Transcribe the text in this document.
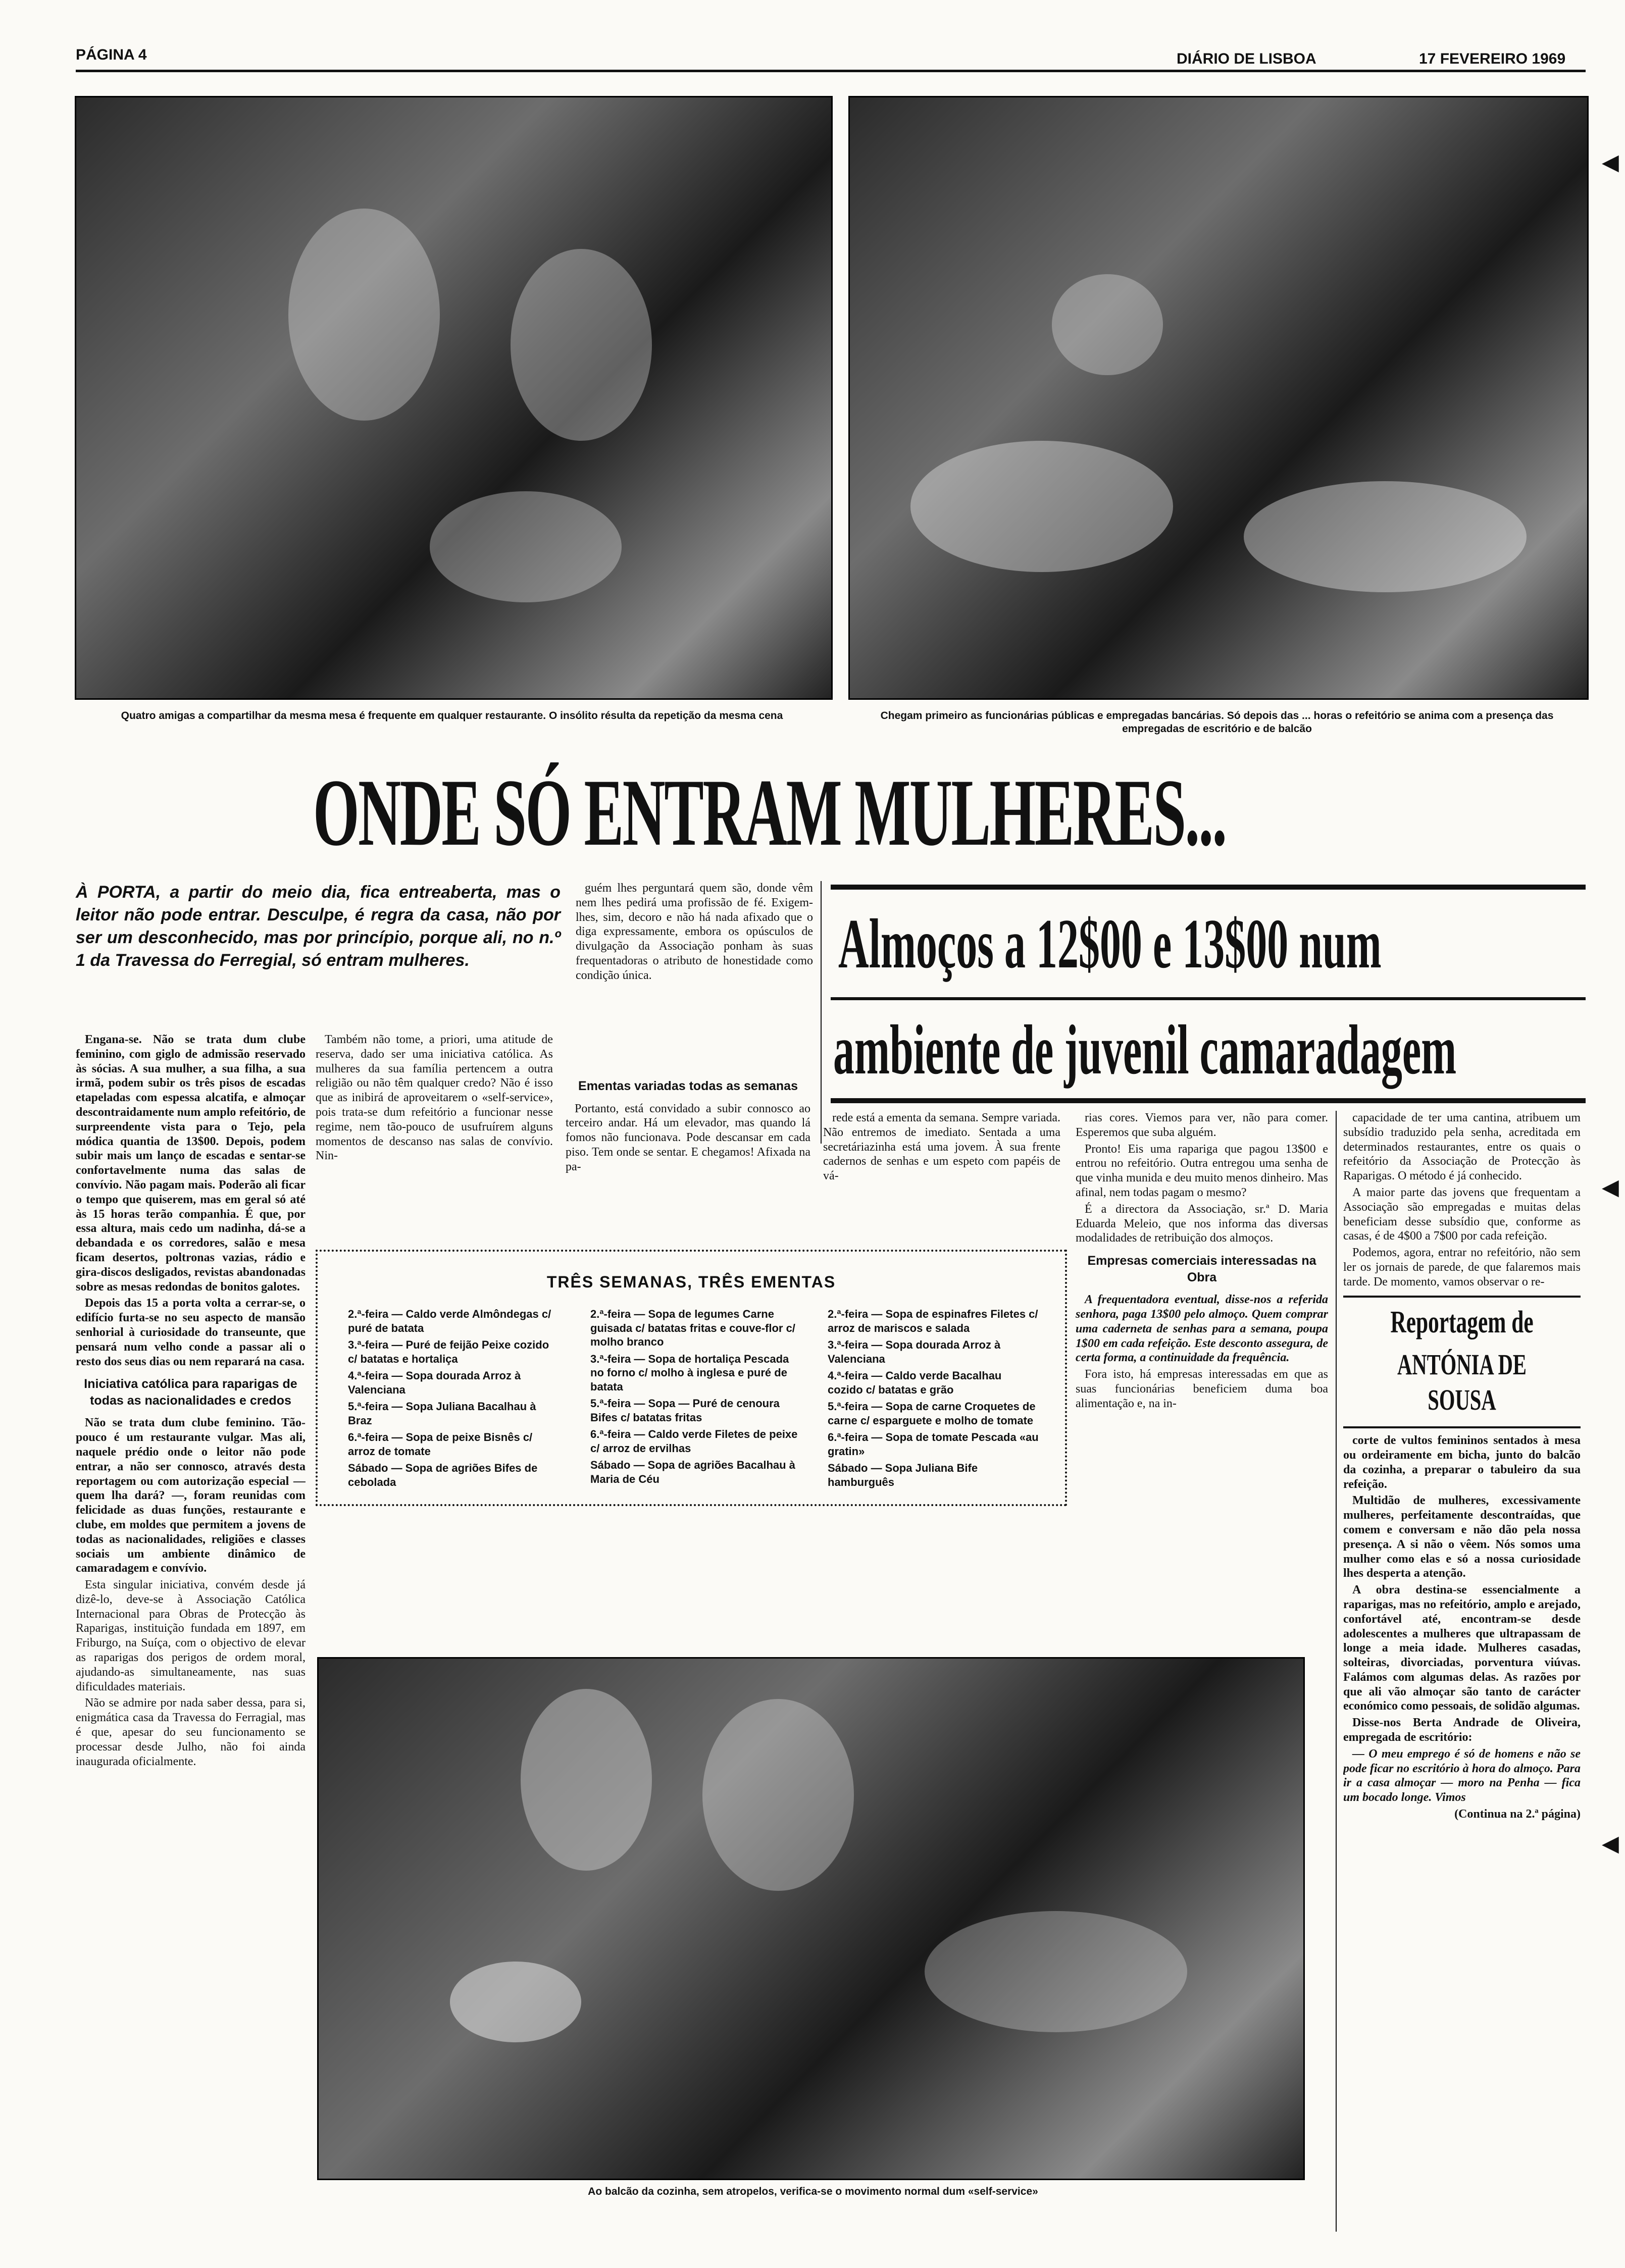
PÁGINA 4	DIÁRIO DE LISBOA	17 FEVEREIRO 1969
Quatro amigas a compartilhar da mesma mesa é frequente em qualquer restaurante. O insólito résulta da repetição da mesma cena	Chegam primeiro as funcionárias públicas e empregadas bancárias. Só depois das ... horas o refeitório se anima com a presença das empregadas de escritório e de balcão
ONDE SÓ ENTRAM MULHERES...
À PORTA, a partir do meio dia, fica entreaberta, mas o leitor não pode entrar. Desculpe, é regra da casa, não por ser um desconhecido, mas por princípio, porque ali, no n.º 1 da Travessa do Ferregial, só entram mulheres.

guém lhes perguntará quem são, donde vêm nem lhes pedirá uma profissão de fé. Exigem-lhes, sim, decoro e não há nada afixado que o diga expressamente, embora os opúsculos de divulgação da Associação ponham às suas frequentadoras o atributo de honestidade como condição única.	Almoços a 12$00 e 13$00 num
ambiente de juvenil camaradagem

Engana-se. Não se trata dum clube feminino, com giglo de admissão reservado às sócias. A sua mulher, a sua filha, a sua irmã, podem subir os três pisos de escadas etapeladas com espessa alcatifa, e almoçar descontraidamente num amplo refeitório, de surpreendente vista para o Tejo, pela módica quantia de 13$00. Depois, podem subir mais um lanço de escadas e sentar-se confortavelmente numa das salas de convívio. Não pagam mais. Poderão ali ficar o tempo que quiserem, mas em geral só até às 15 horas terão companhia. É que, por essa altura, mais cedo um nadinha, dá-se a debandada e os corredores, salão e mesa ficam desertos, poltronas vazias, rádio e gira-discos desligados, revistas abandonadas sobre as mesas redondas de bonitos galotes.

Depois das 15 a porta volta a cerrar-se, o edifício furta-se no seu aspecto de mansão senhorial à curiosidade do transeunte, que pensará num velho conde a passar ali o resto dos seus dias ou nem reparará na casa.

Iniciativa católica para raparigas de todas as nacionalidades e credos

Não se trata dum clube feminino. Tão-pouco é um restaurante vulgar. Mas ali, naquele prédio onde o leitor não pode entrar, a não ser connosco, através desta reportagem ou com autorização especial — quem lha dará? —, foram reunidas com felicidade as duas funções, restaurante e clube, em moldes que permitem a jovens de todas as nacionalidades, religiões e classes sociais um ambiente dinâmico de camaradagem e convívio.

Esta singular iniciativa, convém desde já dizê-lo, deve-se à Associação Católica Internacional para Obras de Protecção às Raparigas, instituição fundada em 1897, em Friburgo, na Suíça, com o objectivo de elevar as raparigas dos perigos de ordem moral, ajudando-as simultaneamente, nas suas dificuldades materiais.

Não se admire por nada saber dessa, para si, enigmática casa da Travessa do Ferragial, mas é que, apesar do seu funcionamento se processar desde Julho, não foi ainda inaugurada oficialmente.

Também não tome, a priori, uma atitude de reserva, dado ser uma iniciativa católica. As mulheres da sua família pertencem a outra religião ou não têm qualquer credo? Não é isso que as inibirá de aproveitarem o «self-service», pois trata-se dum refeitório a funcionar nesse regime, nem tão-pouco de usufruírem alguns momentos de descanso nas salas de convívio. Nin-

Ementas variadas todas as semanas

Portanto, está convidado a subir connosco ao terceiro andar. Há um elevador, mas quando lá fomos não funcionava. Pode descansar em cada piso. Tem onde se sentar. E chegamos! Afixada na pa-

rede está a ementa da semana. Sempre variada. Não entremos de imediato. Sentada a uma secretáriazinha está uma jovem. À sua frente cadernos de senhas e um espeto com papéis de vá-

rias cores. Viemos para ver, não para comer. Esperemos que suba alguém.

Pronto! Eis uma rapariga que pagou 13$00 e entrou no refeitório. Outra entregou uma senha de que vinha munida e deu muito menos dinheiro. Mas afinal, nem todas pagam o mesmo?

É a directora da Associação, sr.ª D. Maria Eduarda Meleio, que nos informa das diversas modalidades de retribuição dos almoços.

Empresas comerciais interessadas na Obra

A frequentadora eventual, disse-nos a referida senhora, paga 13$00 pelo almoço. Quem comprar uma caderneta de senhas para a semana, poupa 1$00 em cada refeição. Este desconto assegura, de certa forma, a continuidade da frequência.

Fora isto, há empresas interessadas em que as suas funcionárias beneficiem duma boa alimentação e, na in-

capacidade de ter uma cantina, atribuem um subsídio traduzido pela senha, acreditada em determinados restaurantes, entre os quais o refeitório da Associação de Protecção às Raparigas. O método é já conhecido.

A maior parte das jovens que frequentam a Associação são empregadas e muitas delas beneficiam desse subsídio que, conforme as casas, é de 4$00 a 7$00 por cada refeição.

Podemos, agora, entrar no refeitório, não sem ler os jornais de parede, de que falaremos mais tarde. De momento, vamos observar o re-

Reportagem de
ANTÓNIA DE SOUSA

corte de vultos femininos sentados à mesa ou ordeiramente em bicha, junto do balcão da cozinha, a preparar o tabuleiro da sua refeição.

Multidão de mulheres, excessivamente mulheres, perfeitamente descontraídas, que comem e conversam e não dão pela nossa presença. A si não o vêem. Nós somos uma mulher como elas e só a nossa curiosidade lhes desperta a atenção.

A obra destina-se essencialmente a raparigas, mas no refeitório, amplo e arejado, confortável até, encontram-se desde adolescentes a mulheres que ultrapassam de longe a meia idade. Mulheres casadas, solteiras, divorciadas, porventura viúvas. Falámos com algumas delas. As razões por que ali vão almoçar são tanto de carácter económico como pessoais, de solidão algumas.

Disse-nos Berta Andrade de Oliveira, empregada de escritório:

— O meu emprego é só de homens e não se pode ficar no escritório à hora do almoço. Para ir a casa almoçar — moro na Penha — fica um bocado longe. Vimos

(Continua na 2.ª página)

TRÊS SEMANAS, TRÊS EMENTAS
2.ª-feira — Caldo verde Almôndegas c/ puré de batata
3.ª-feira — Puré de feijão Peixe cozido c/ batatas e hortaliça
4.ª-feira — Sopa dourada Arroz à Valenciana
5.ª-feira — Sopa Juliana Bacalhau à Braz
6.ª-feira — Sopa de peixe Bisnês c/ arroz de tomate
Sábado — Sopa de agriões Bifes de cebolada
2.ª-feira — Sopa de legumes Carne guisada c/ batatas fritas e couve-flor c/ molho branco
3.ª-feira — Sopa de hortaliça Pescada no forno c/ molho à inglesa e puré de batata
5.ª-feira — Sopa — Puré de cenoura Bifes c/ batatas fritas
6.ª-feira — Caldo verde Filetes de peixe c/ arroz de ervilhas
Sábado — Sopa de agriões Bacalhau à Maria de Céu
2.ª-feira — Sopa de espinafres Filetes c/ arroz de mariscos e salada
3.ª-feira — Sopa dourada Arroz à Valenciana
4.ª-feira — Caldo verde Bacalhau cozido c/ batatas e grão
5.ª-feira — Sopa de carne Croquetes de carne c/ esparguete e molho de tomate
6.ª-feira — Sopa de tomate Pescada «au gratin»
Sábado — Sopa Juliana Bife hamburguês
Ao balcão da cozinha, sem atropelos, verifica-se o movimento normal dum «self-service»
◀
◀
◀
